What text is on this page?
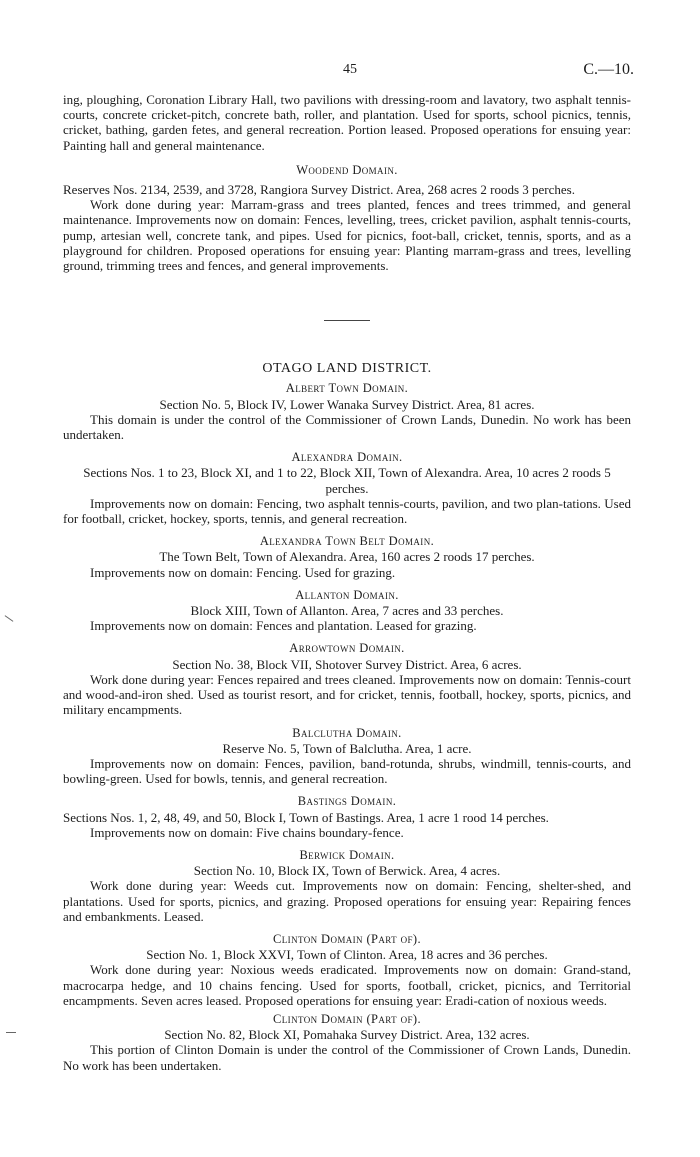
45	C.—10.

ing, ploughing, Coronation Library Hall, two pavilions with dressing-room and lavatory, two asphalt tennis-courts, concrete cricket-pitch, concrete bath, roller, and plantation. Used for sports, school picnics, tennis, cricket, bathing, garden fetes, and general recreation. Portion leased. Proposed operations for ensuing year: Painting hall and general maintenance.

Woodend Domain.

Reserves Nos. 2134, 2539, and 3728, Rangiora Survey District. Area, 268 acres 2 roods 3 perches.

Work done during year: Marram-grass and trees planted, fences and trees trimmed, and general maintenance. Improvements now on domain: Fences, levelling, trees, cricket pavilion, asphalt tennis-courts, pump, artesian well, concrete tank, and pipes. Used for picnics, foot-ball, cricket, tennis, sports, and as a playground for children. Proposed operations for ensuing year: Planting marram-grass and trees, levelling ground, trimming trees and fences, and general improvements.

OTAGO LAND DISTRICT.
Albert Town Domain.

Section No. 5, Block IV, Lower Wanaka Survey District. Area, 81 acres.

This domain is under the control of the Commissioner of Crown Lands, Dunedin. No work has been undertaken.

Alexandra Domain.

Sections Nos. 1 to 23, Block XI, and 1 to 22, Block XII, Town of Alexandra. Area, 10 acres 2 roods 5 perches.

Improvements now on domain: Fencing, two asphalt tennis-courts, pavilion, and two plan-tations. Used for football, cricket, hockey, sports, tennis, and general recreation.

Alexandra Town Belt Domain.

The Town Belt, Town of Alexandra. Area, 160 acres 2 roods 17 perches.

Improvements now on domain: Fencing. Used for grazing.

Allanton Domain.

Block XIII, Town of Allanton. Area, 7 acres and 33 perches.

Improvements now on domain: Fences and plantation. Leased for grazing.

Arrowtown Domain.

Section No. 38, Block VII, Shotover Survey District. Area, 6 acres.

Work done during year: Fences repaired and trees cleaned. Improvements now on domain: Tennis-court and wood-and-iron shed. Used as tourist resort, and for cricket, tennis, football, hockey, sports, picnics, and military encampments.

Balclutha Domain.

Reserve No. 5, Town of Balclutha. Area, 1 acre.

Improvements now on domain: Fences, pavilion, band-rotunda, shrubs, windmill, tennis-courts, and bowling-green. Used for bowls, tennis, and general recreation.

Bastings Domain.

Sections Nos. 1, 2, 48, 49, and 50, Block I, Town of Bastings. Area, 1 acre 1 rood 14 perches.

Improvements now on domain: Five chains boundary-fence.

Berwick Domain.

Section No. 10, Block IX, Town of Berwick. Area, 4 acres.

Work done during year: Weeds cut. Improvements now on domain: Fencing, shelter-shed, and plantations. Used for sports, picnics, and grazing. Proposed operations for ensuing year: Repairing fences and embankments. Leased.

Clinton Domain (Part of).

Section No. 1, Block XXVI, Town of Clinton. Area, 18 acres and 36 perches.

Work done during year: Noxious weeds eradicated. Improvements now on domain: Grand-stand, macrocarpa hedge, and 10 chains fencing. Used for sports, football, cricket, picnics, and Territorial encampments. Seven acres leased. Proposed operations for ensuing year: Eradi-cation of noxious weeds.

Clinton Domain (Part of).

Section No. 82, Block XI, Pomahaka Survey District. Area, 132 acres.

This portion of Clinton Domain is under the control of the Commissioner of Crown Lands, Dunedin. No work has been undertaken.
